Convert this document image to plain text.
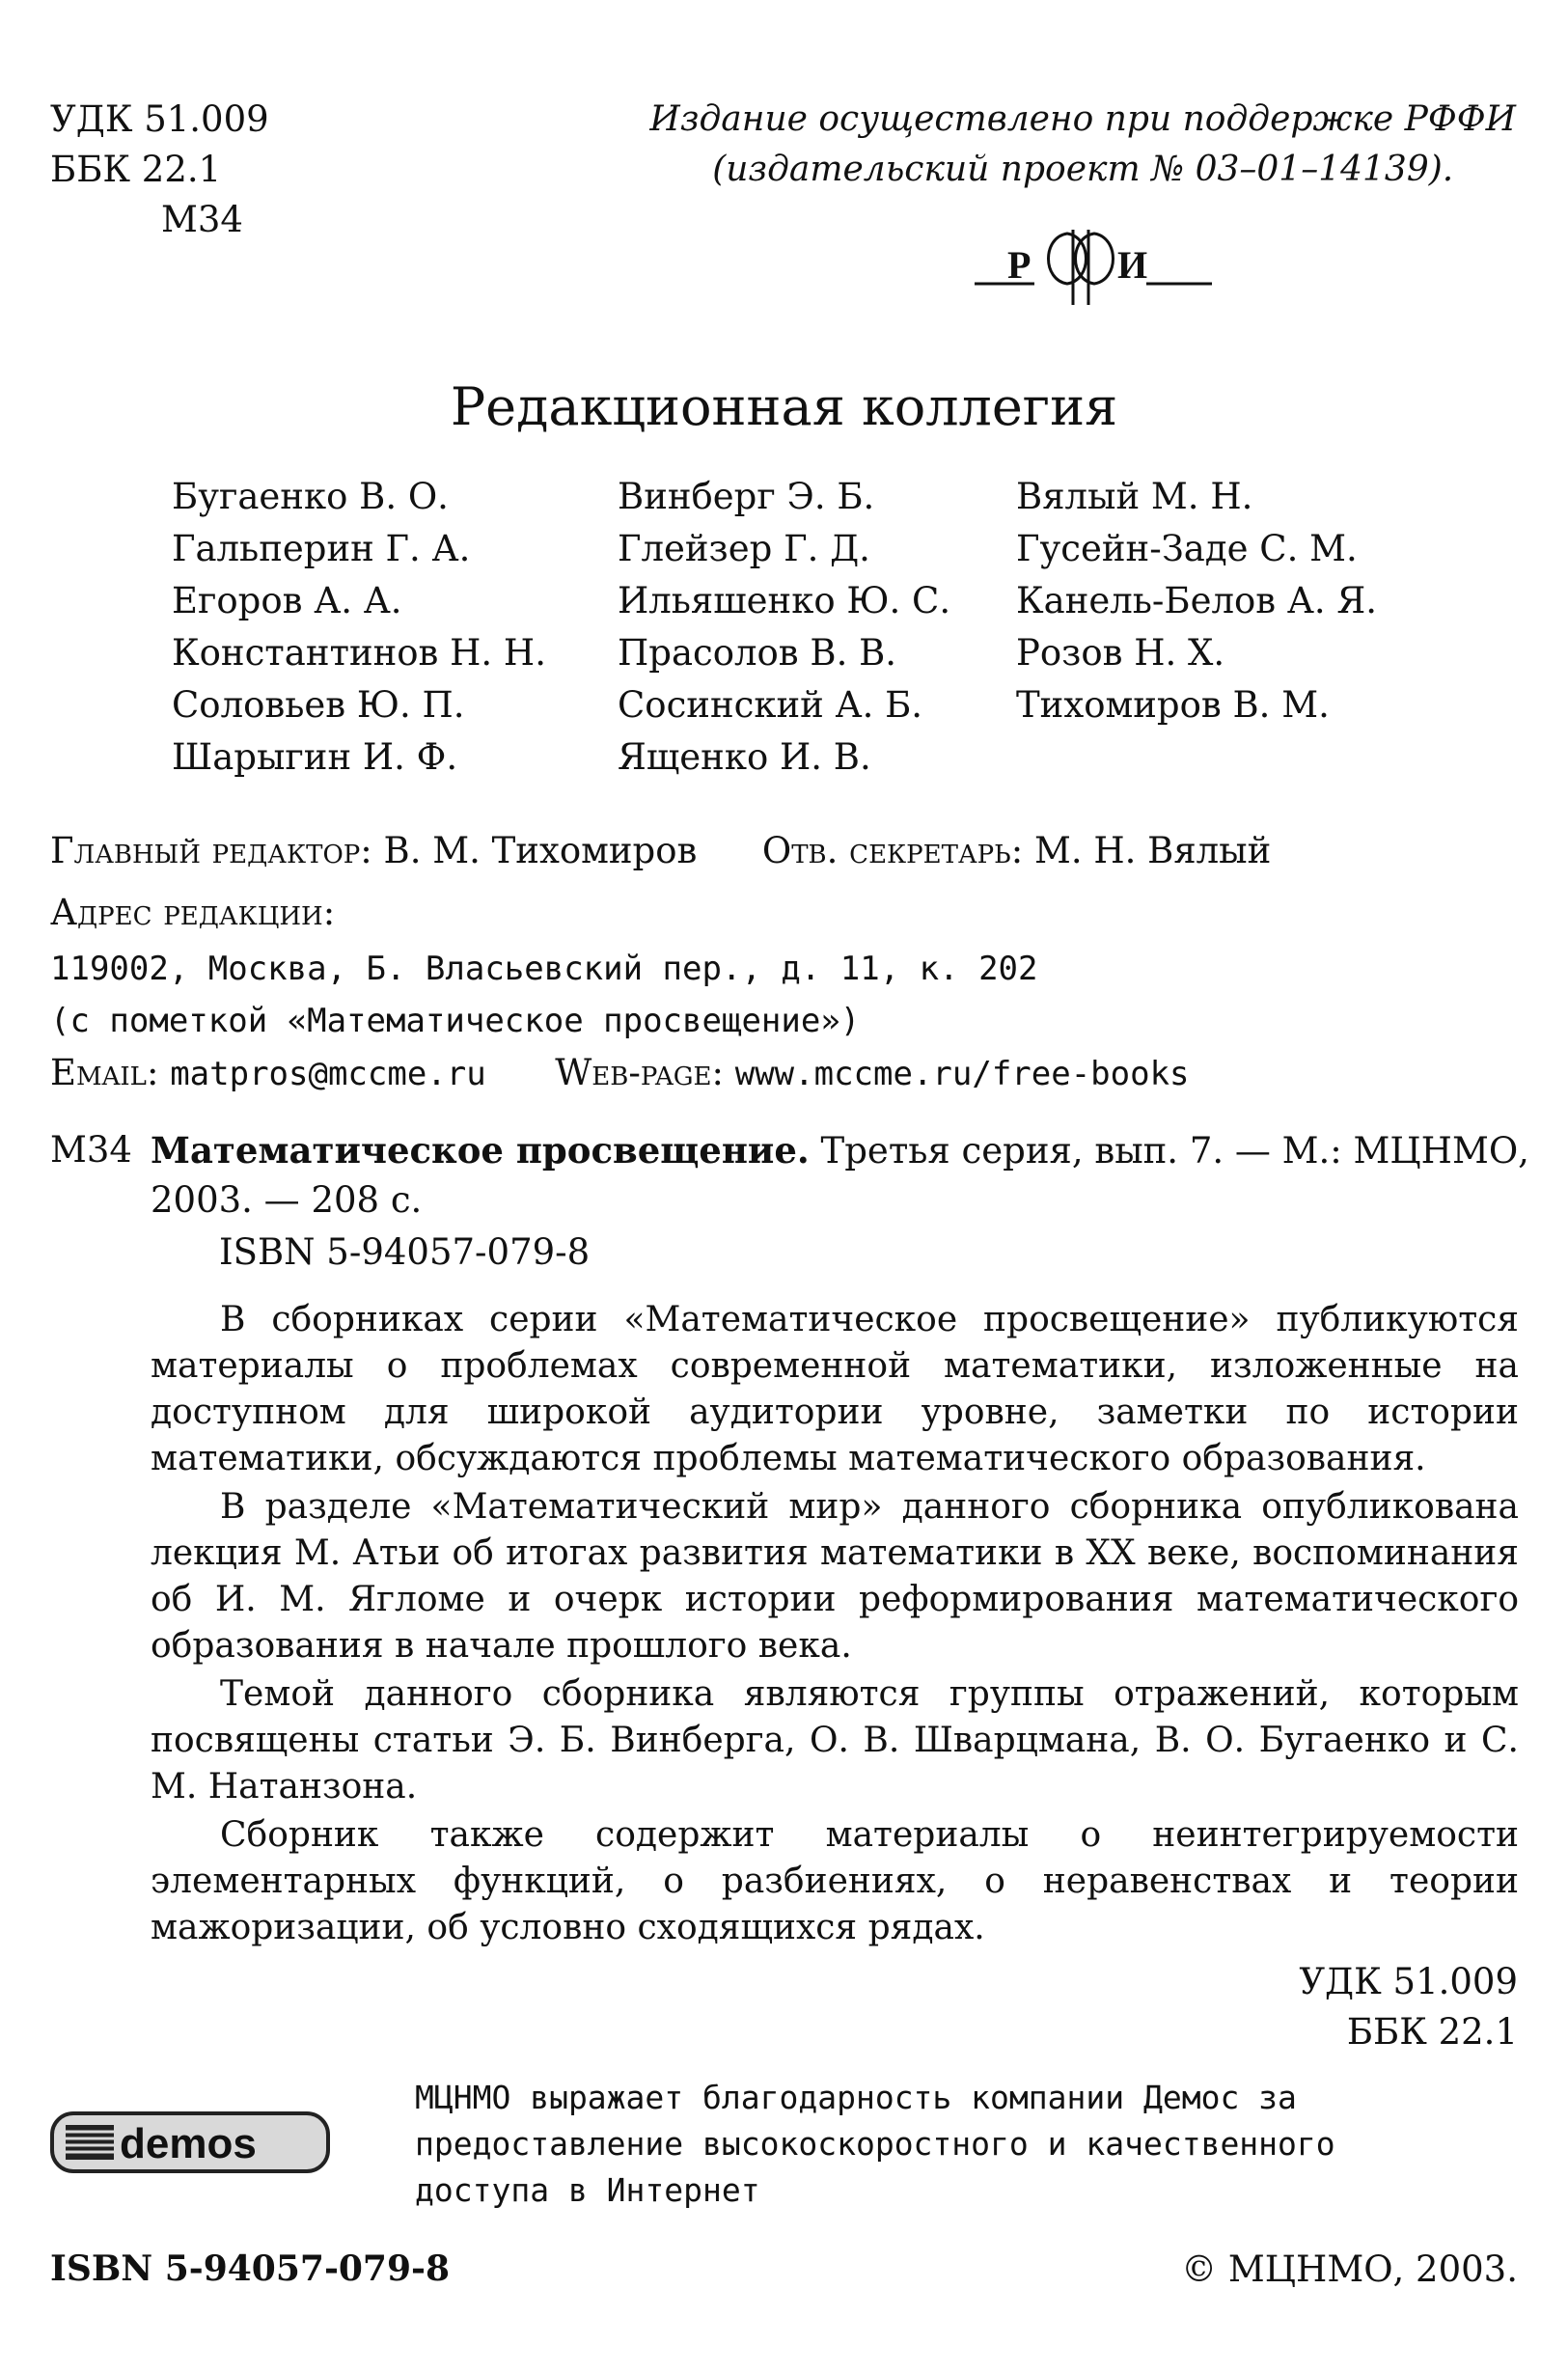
УДК 51.009
ББК 22.1
М34
Издание осуществлено при поддержке РФФИ
(издательский проект № 03–01–14139).
Р И
Редакционная коллегия
Бугаенко В. О.
Гальперин Г. А.
Егоров А. А.
Константинов Н. Н.
Соловьев Ю. П.
Шарыгин И. Ф.
Винберг Э. Б.
Глейзер Г. Д.
Ильяшенко Ю. С.
Прасолов В. В.
Сосинский А. Б.
Ященко И. В.
Вялый М. Н.
Гусейн-Заде С. М.
Канель-Белов А. Я.
Розов Н. Х.
Тихомиров В. М.
Главный редактор: В. М. Тихомиров Отв. секретарь: М. Н. Вялый
Адрес редакции:
119002, Москва, Б. Власьевский пер., д. 11, к. 202
(с пометкой «Математическое просвещение»)
Email: matpros@mccme.ru Web-page: www.mccme.ru/free-books
М34 Математическое просвещение. Третья серия, вып. 7. — М.: МЦНМО,
2003. — 208 с.
ISBN 5-94057-079-8

В сборниках серии «Математическое просвещение» публикуются материалы о проблемах современной математики, изложенные на доступном для широкой аудитории уровне, заметки по истории математики, обсуждаются проблемы математического образования.

В разделе «Математический мир» данного сборника опубликована лекция М. Атьи об итогах развития математики в XX веке, воспоминания об И. М. Ягломе и очерк истории реформирования математического образования в начале прошлого века.

Темой данного сборника являются группы отражений, которым посвящены статьи Э. Б. Винберга, О. В. Шварцмана, В. О. Бугаенко и С. М. Натанзона.

Сборник также содержит материалы о неинтегрируемости элементарных функций, о разбиениях, о неравенствах и теории мажоризации, об условно сходящихся рядах.

УДК 51.009
ББК 22.1
demos
МЦНМО выражает благодарность компании Демос за
предоставление высокоскоростного и качественного
доступа в Интернет
ISBN 5-94057-079-8	© МЦНМО, 2003.
